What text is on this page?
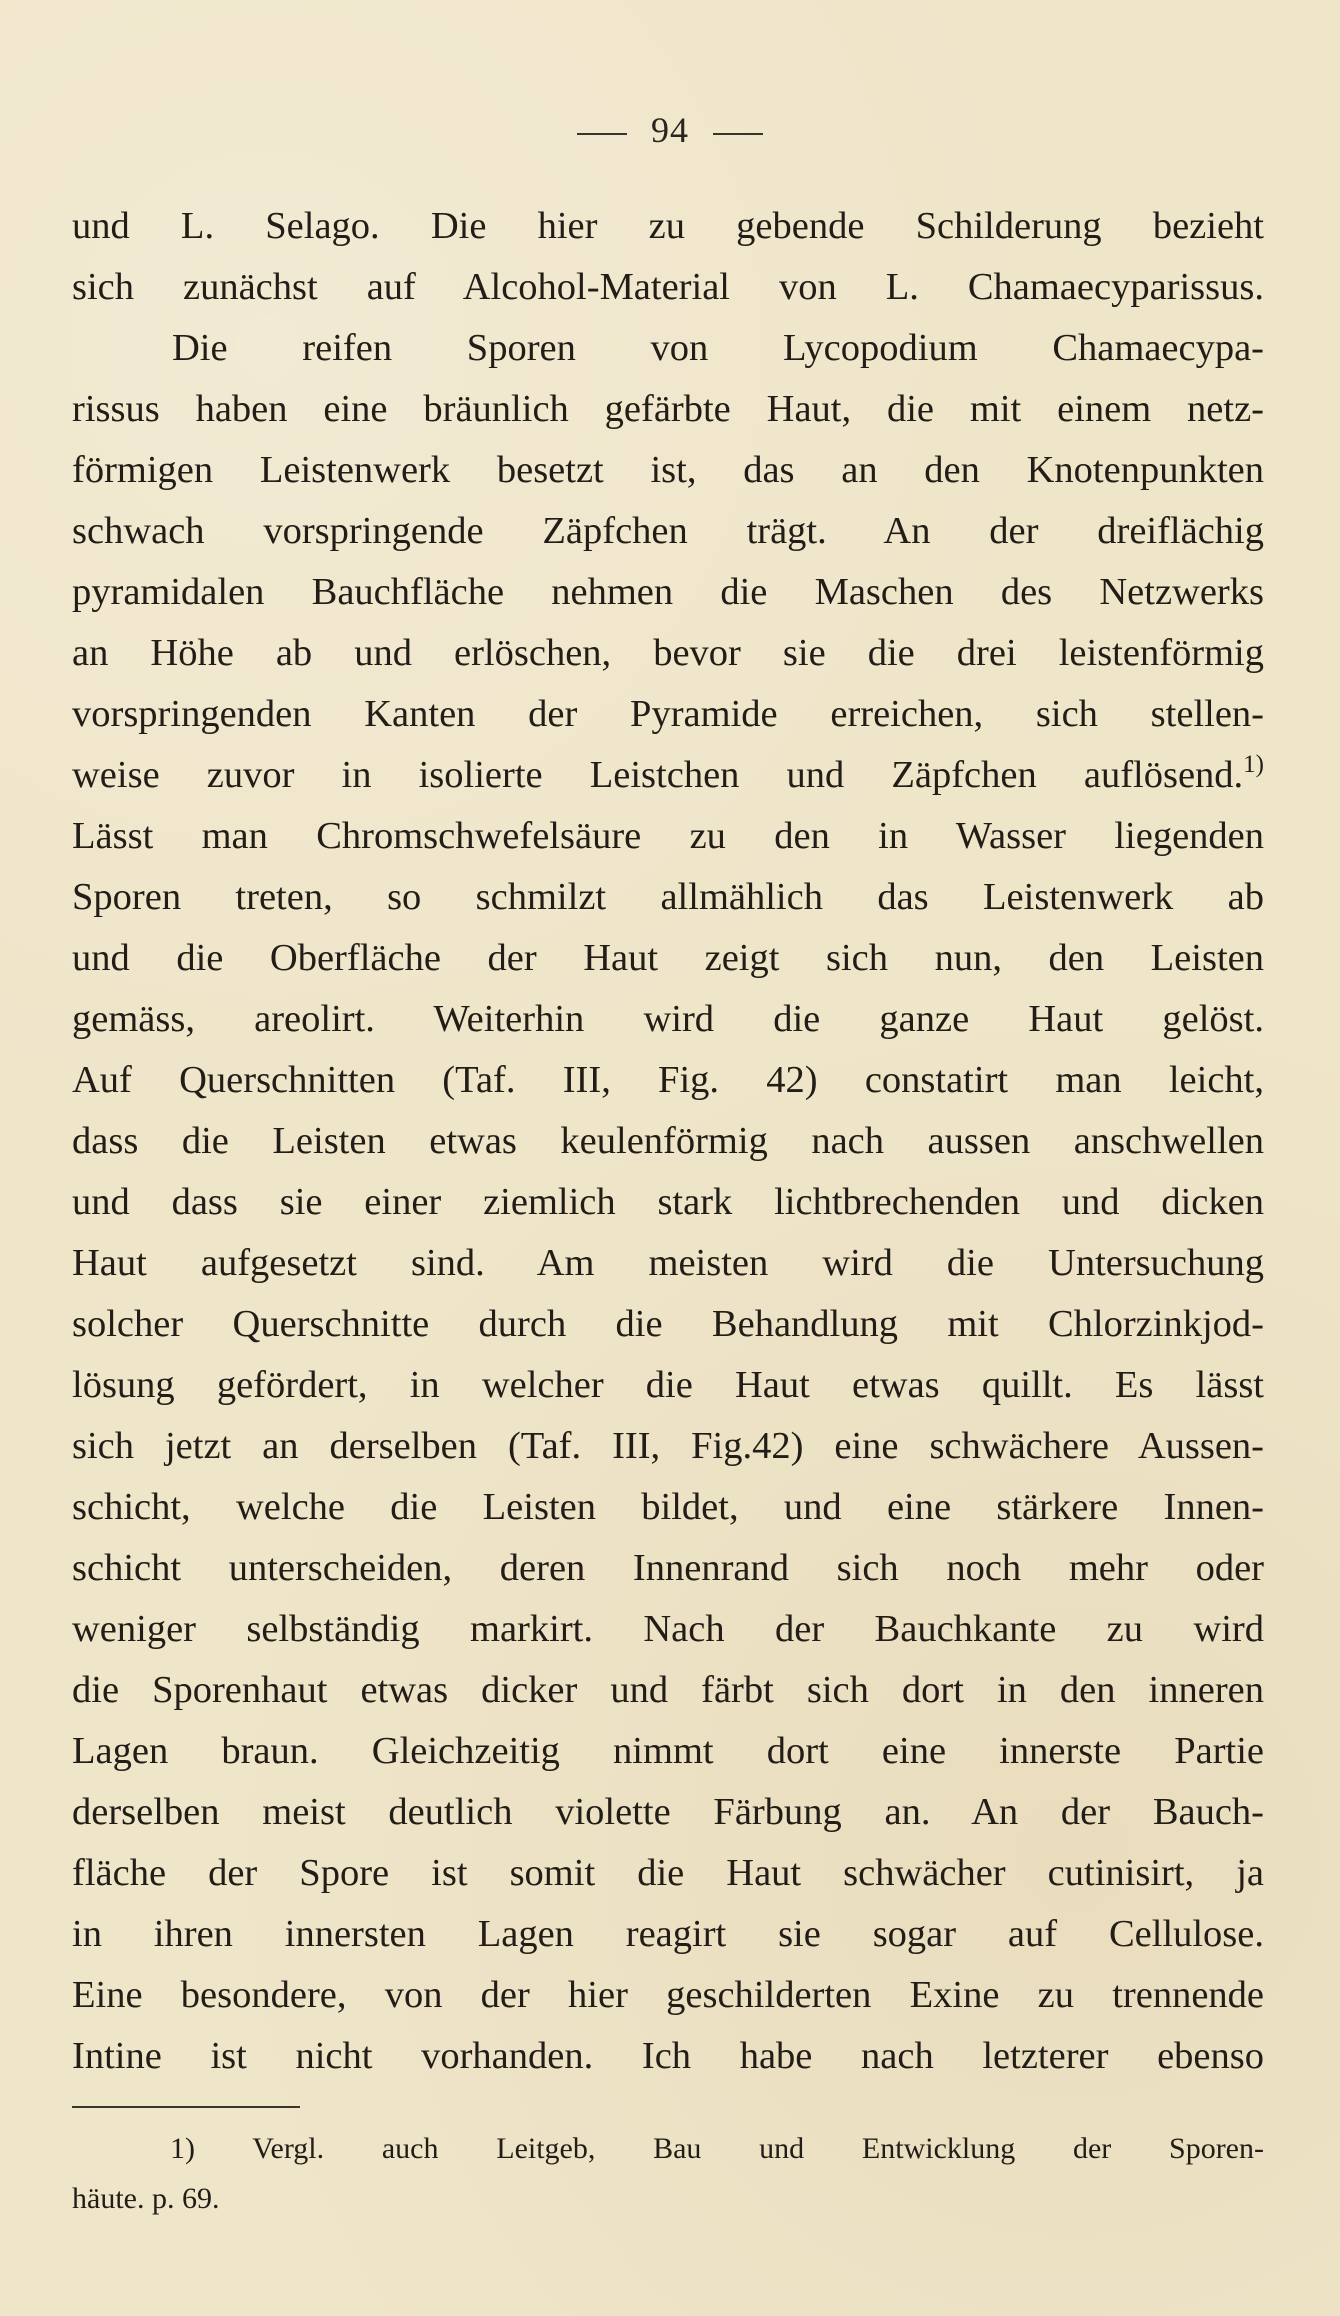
94
und L. Selago. Die hier zu gebende Schilderung bezieht
sich zunächst auf Alcohol-Material von L. Chamaecyparissus.
Die reifen Sporen von Lycopodium Chamaecypa-
rissus haben eine bräunlich gefärbte Haut, die mit einem netz-
förmigen Leistenwerk besetzt ist, das an den Knotenpunkten
schwach vorspringende Zäpfchen trägt. An der dreiflächig
pyramidalen Bauchfläche nehmen die Maschen des Netzwerks
an Höhe ab und erlöschen, bevor sie die drei leistenförmig
vorspringenden Kanten der Pyramide erreichen, sich stellen-
weise zuvor in isolierte Leistchen und Zäpfchen auflösend.$^{1)}$
Lässt man Chromschwefelsäure zu den in Wasser liegenden
Sporen treten, so schmilzt allmählich das Leistenwerk ab
und die Oberfläche der Haut zeigt sich nun, den Leisten
gemäss, areolirt. Weiterhin wird die ganze Haut gelöst.
Auf Querschnitten (Taf. III, Fig. 42) constatirt man leicht,
dass die Leisten etwas keulenförmig nach aussen anschwellen
und dass sie einer ziemlich stark lichtbrechenden und dicken
Haut aufgesetzt sind. Am meisten wird die Untersuchung
solcher Querschnitte durch die Behandlung mit Chlorzinkjod-
lösung gefördert, in welcher die Haut etwas quillt. Es lässt
sich jetzt an derselben (Taf. III, Fig.42) eine schwächere Aussen-
schicht, welche die Leisten bildet, und eine stärkere Innen-
schicht unterscheiden, deren Innenrand sich noch mehr oder
weniger selbständig markirt. Nach der Bauchkante zu wird
die Sporenhaut etwas dicker und färbt sich dort in den inneren
Lagen braun. Gleichzeitig nimmt dort eine innerste Partie
derselben meist deutlich violette Färbung an. An der Bauch-
fläche der Spore ist somit die Haut schwächer cutinisirt, ja
in ihren innersten Lagen reagirt sie sogar auf Cellulose.
Eine besondere, von der hier geschilderten Exine zu trennende
Intine ist nicht vorhanden. Ich habe nach letzterer ebenso
1) Vergl. auch Leitgeb, Bau und Entwicklung der Sporen-
häute. p. 69.
